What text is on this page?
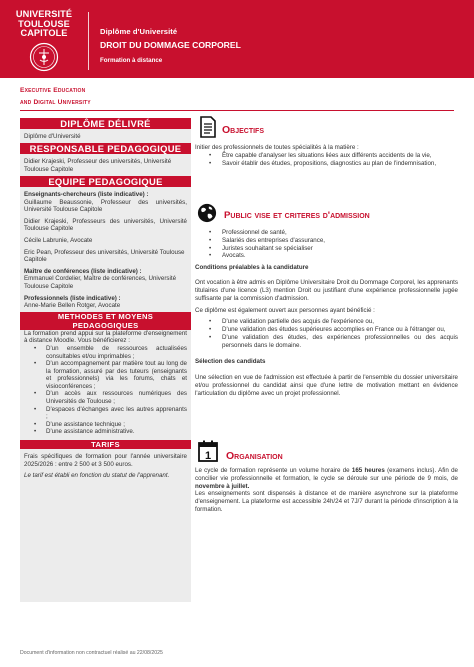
UNIVERSITÉ
TOULOUSE
CAPITOLE	Diplôme d'Université
DROIT DU DOMMAGE CORPOREL
Formation à distance
Executive Education
and Digital University
DIPLÔME DÉLIVRÉ
Diplôme d'Université
RESPONSABLE PEDAGOGIQUE
Didier Krajeski, Professeur des universités, Université Toulouse Capitole
EQUIPE PEDAGOGIQUE
Enseignants-chercheurs (liste indicative) :
Guillaume Beaussonie, Professeur des universités, Université Toulouse Capitole
Didier Krajeski, Professeurs des universités, Université Toulouse Capitole
Cécile Labrunie, Avocate
Eric Pean, Professeur des universités, Université Toulouse Capitole
Maître de conférences (liste indicative) :
Emmanuel Cordelier, Maître de conférences, Université Toulouse Capitole
Professionnels (liste indicative) :
Anne-Marie Bellen Rotger, Avocate
METHODES ET MOYENS
PEDAGOGIQUES
La formation prend appui sur la plateforme d'enseignement à distance Moodle. Vous bénéficierez :
• D'un ensemble de ressources actualisées consultables et/ou imprimables ;
• D'un accompagnement par matière tout au long de la formation, assuré par des tuteurs (enseignants et professionnels) via les forums, chats et visioconférences ;
• D'un accès aux ressources numériques des Universités de Toulouse ;
• D'espaces d'échanges avec les autres apprenants ;
• D'une assistance technique ;
• D'une assistance administrative.
TARIFS
Frais spécifiques de formation pour l'année universitaire 2025/2026 : entre 2 500 et 3 500 euros.
Le tarif est établi en fonction du statut de l'apprenant.
Objectifs
Initier des professionnels de toutes spécialités à la matière :
• Être capable d'analyser les situations liées aux différents accidents de la vie,
• Savoir établir des études, propositions, diagnostics au plan de l'indemnisation,
Public vise et criteres d'admission
• Professionnel de santé,
• Salariés des entreprises d'assurance,
• Juristes souhaitant se spécialiser
• Avocats.
Conditions préalables à la candidature
Ont vocation à être admis en Diplôme Universitaire Droit du Dommage Corporel, les apprenants titulaires d'une licence (L3) mention Droit ou justifiant d'une expérience professionnelle jugée suffisante par la commission d'admission.
Ce diplôme est également ouvert aux personnes ayant bénéficié :
• D'une validation partielle des acquis de l'expérience ou,
• D'une validation des études supérieures accomplies en France ou à l'étranger ou,
• D'une validation des études, des expériences professionnelles ou des acquis personnels dans le domaine.
Sélection des candidats
Une sélection en vue de l'admission est effectuée à partir de l'ensemble du dossier universitaire et/ou professionnel du candidat ainsi que d'une lettre de motivation mettant en évidence l'articulation du diplôme avec un projet professionnel.
1 Organisation
Le cycle de formation représente un volume horaire de 165 heures (examens inclus). Afin de concilier vie professionnelle et formation, le cycle se déroule sur une période de 9 mois, de novembre à juillet.
Les enseignements sont dispensés à distance et de manière asynchrone sur la plateforme d'enseignement. La plateforme est accessible 24h/24 et 7J/7 durant la période d'inscription à la formation.
Document d'information non contractuel réalisé au 22/08/2025
